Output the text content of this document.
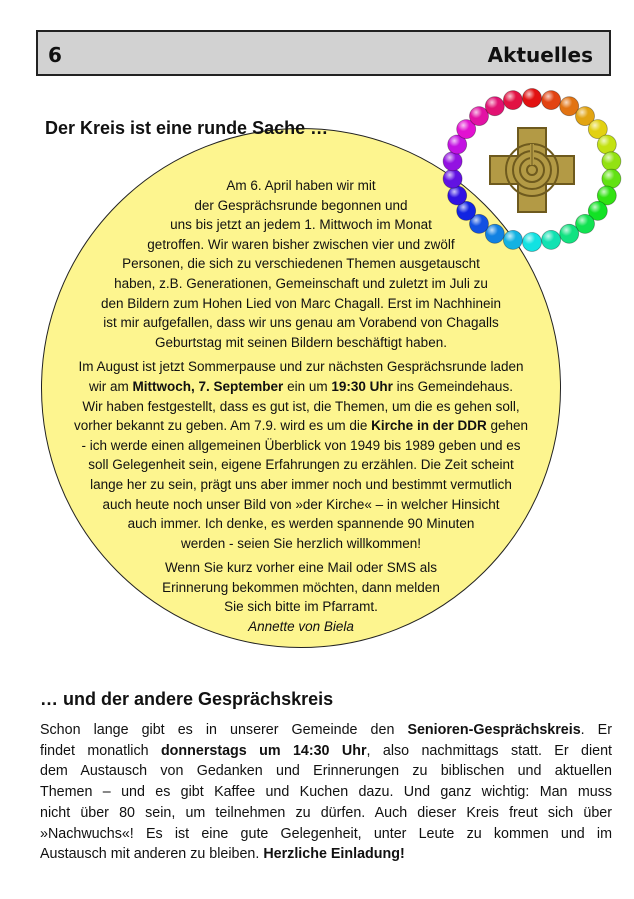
6	Aktuelles
Der Kreis ist eine runde Sache …

Am 6. April haben wir mit
der Gesprächsrunde begonnen und
uns bis jetzt an jedem 1. Mittwoch im Monat
getroffen. Wir waren bisher zwischen vier und zwölf
Personen, die sich zu verschiedenen Themen ausgetauscht
haben, z.B. Generationen, Gemeinschaft und zuletzt im Juli zu
den Bildern zum Hohen Lied von Marc Chagall. Erst im Nachhinein
ist mir aufgefallen, dass wir uns genau am Vorabend von Chagalls
Geburtstag mit seinen Bildern beschäftigt haben.

Im August ist jetzt Sommerpause und zur nächsten Gesprächsrunde laden
wir am Mittwoch, 7. September ein um 19:30 Uhr ins Gemeindehaus.
Wir haben festgestellt, dass es gut ist, die Themen, um die es gehen soll,
vorher bekannt zu geben. Am 7.9. wird es um die Kirche in der DDR gehen
- ich werde einen allgemeinen Überblick von 1949 bis 1989 geben und es
soll Gelegenheit sein, eigene Erfahrungen zu erzählen. Die Zeit scheint
lange her zu sein, prägt uns aber immer noch und bestimmt vermutlich
auch heute noch unser Bild von »der Kirche« – in welcher Hinsicht
auch immer. Ich denke, es werden spannende 90 Minuten
werden - seien Sie herzlich willkommen!

Wenn Sie kurz vorher eine Mail oder SMS als
Erinnerung bekommen möchten, dann melden
Sie sich bitte im Pfarramt.
Annette von Biela

… und der andere Gesprächskreis
Schon lange gibt es in unserer Gemeinde den Senioren-Gesprächskreis. Er
findet monatlich donnerstags um 14:30 Uhr, also nachmittags statt. Er dient
dem Austausch von Gedanken und Erinnerungen zu biblischen und aktuellen
Themen – und es gibt Kaffee und Kuchen dazu. Und ganz wichtig: Man muss
nicht über 80 sein, um teilnehmen zu dürfen. Auch dieser Kreis freut sich über
»Nachwuchs«! Es ist eine gute Gelegenheit, unter Leute zu kommen und im
Austausch mit anderen zu bleiben. Herzliche Einladung!
